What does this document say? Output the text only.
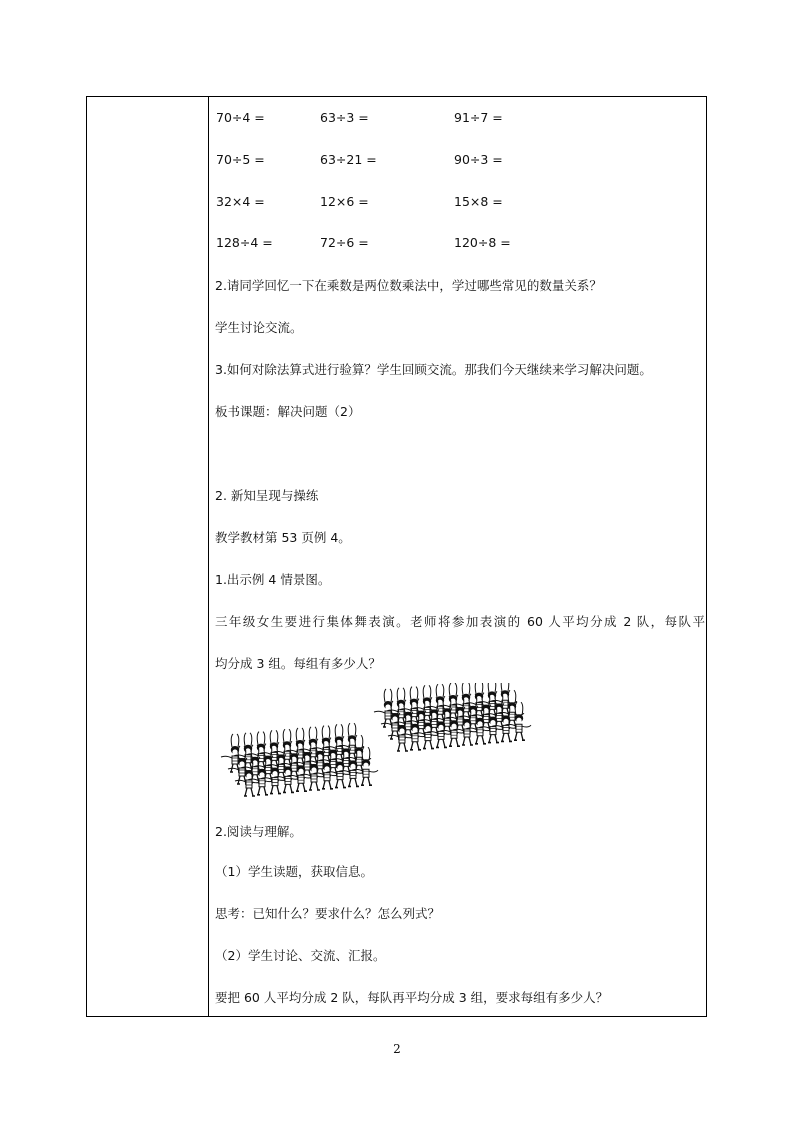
70÷4 =	63÷3 =	91÷7 =
70÷5 =	63÷21 =	90÷3 =
32×4 =	12×6 =	15×8 =
128÷4 =	72÷6 =	120÷8 =
2.请同学回忆一下在乘数是两位数乘法中，学过哪些常见的数量关系？
学生讨论交流。
3.如何对除法算式进行验算？学生回顾交流。那我们今天继续来学习解决问题。
板书课题：解决问题（2）
2. 新知呈现与操练
教学教材第 53 页例 4。
1.出示例 4 情景图。
三年级女生要进行集体舞表演。老师将参加表演的 60 人平均分成 2 队，每队平
均分成 3 组。每组有多少人？
2.阅读与理解。
（1）学生读题，获取信息。
思考：已知什么？要求什么？怎么列式？
（2）学生讨论、交流、汇报。
要把 60 人平均分成 2 队，每队再平均分成 3 组，要求每组有多少人？
2
